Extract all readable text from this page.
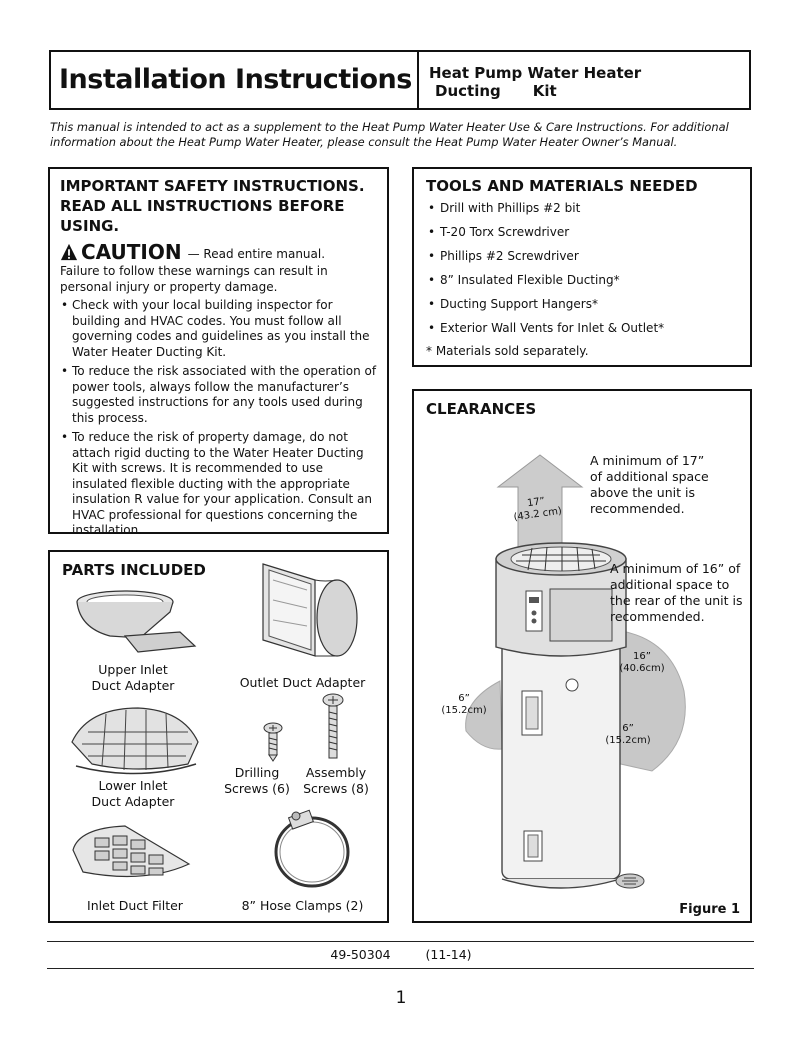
Installation Instructions	Heat Pump Water Heater
Ducting Kit
This manual is intended to act as a supplement to the Heat Pump Water Heater Use & Care Instructions. For additional information about the Heat Pump Water Heater, please consult the Heat Pump Water Heater Owner’s Manual.
IMPORTANT SAFETY INSTRUCTIONS.
READ ALL INSTRUCTIONS BEFORE USING.
CAUTION — Read entire manual.

Failure to follow these warnings can result in personal injury or property damage.

• Check with your local building inspector for building and HVAC codes. You must follow all governing codes and guidelines as you install the Water Heater Ducting Kit.
• To reduce the risk associated with the operation of power tools, always follow the manufacturer’s suggested instructions for any tools used during this process.
• To reduce the risk of property damage, do not attach rigid ducting to the Water Heater Ducting Kit with screws. It is recommended to use insulated flexible ducting with the appropriate insulation R value for your application. Consult an HVAC professional for questions concerning the installation.
TOOLS AND MATERIALS NEEDED
• Drill with Phillips #2 bit
• T-20 Torx Screwdriver
• Phillips #2 Screwdriver
• 8” Insulated Flexible Ducting*
• Ducting Support Hangers*
• Exterior Wall Vents for Inlet & Outlet*
* Materials sold separately.
PARTS INCLUDED
Upper Inlet
Duct Adapter	Outlet Duct Adapter
Lower Inlet
Duct Adapter
Drilling
Screws (6)
Assembly
Screws (8)
Inlet Duct Filter	8” Hose Clamps (2)
CLEARANCES
17”
(43.2 cm)
A minimum of 17”
of additional space
above the unit is
recommended.
A minimum of 16” of
additional space to
the rear of the unit is
recommended.
16”
(40.6cm)
6”
(15.2cm)
6”
(15.2cm)
Figure 1
49-50304	(11-14)
1
